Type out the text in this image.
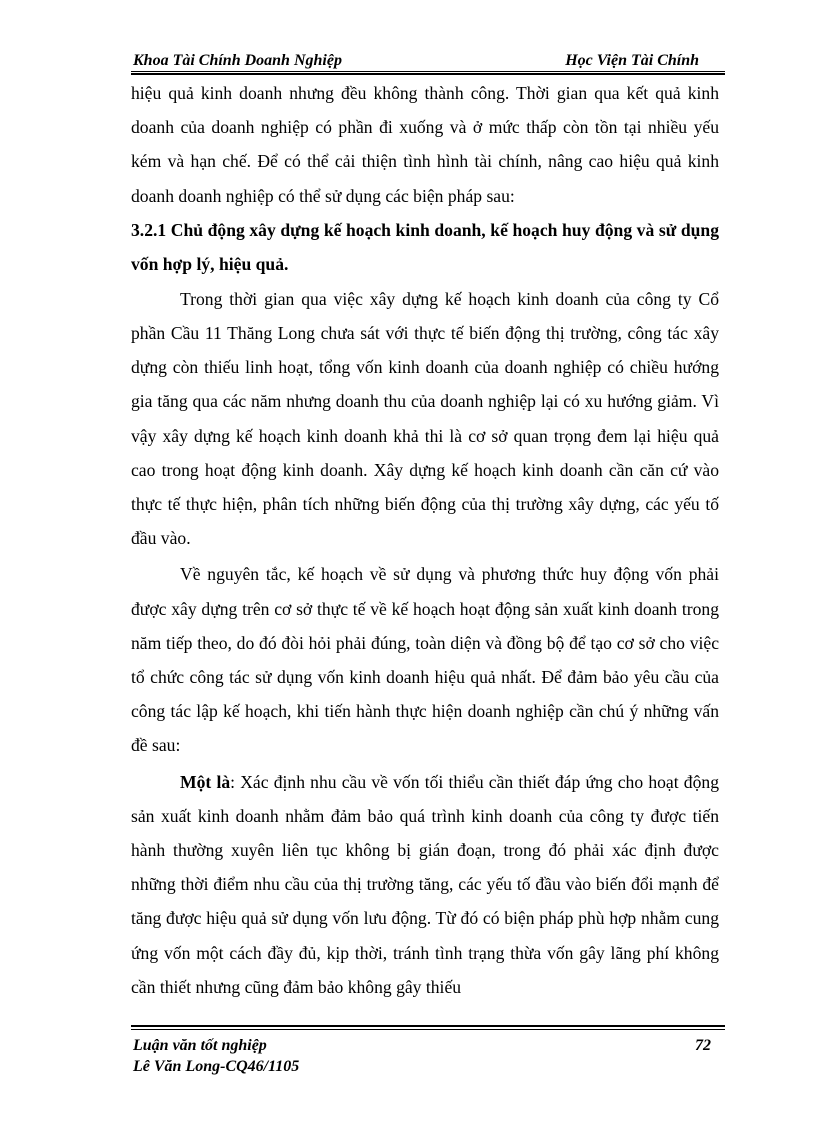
Khoa Tài Chính Doanh Nghiệp	Học Viện Tài Chính

hiệu quả kinh doanh nhưng đều không thành công. Thời gian qua kết quả kinh doanh của doanh nghiệp có phần đi xuống và ở mức thấp còn tồn tại nhiều yếu kém và hạn chế. Để có thể cải thiện tình hình tài chính, nâng cao hiệu quả kinh doanh doanh nghiệp có thể sử dụng các biện pháp sau:

3.2.1 Chủ động xây dựng kế hoạch kinh doanh, kế hoạch huy động và sử dụng vốn hợp lý, hiệu quả.

Trong thời gian qua việc xây dựng kế hoạch kinh doanh của công ty Cổ phần Cầu 11 Thăng Long chưa sát với thực tế biến động thị trường, công tác xây dựng còn thiếu linh hoạt, tổng vốn kinh doanh của doanh nghiệp có chiều hướng gia tăng qua các năm nhưng doanh thu của doanh nghiệp lại có xu hướng giảm. Vì vậy xây dựng kế hoạch kinh doanh khả thi là cơ sở quan trọng đem lại hiệu quả cao trong hoạt động kinh doanh. Xây dựng kế hoạch kinh doanh cần căn cứ vào thực tế thực hiện, phân tích những biến động của thị trường xây dựng, các yếu tố đầu vào.

Về nguyên tắc, kế hoạch về sử dụng và phương thức huy động vốn phải được xây dựng trên cơ sở thực tế về kế hoạch hoạt động sản xuất kinh doanh trong năm tiếp theo, do đó đòi hỏi phải đúng, toàn diện và đồng bộ để tạo cơ sở cho việc tổ chức công tác sử dụng vốn kinh doanh hiệu quả nhất. Để đảm bảo yêu cầu của công tác lập kế hoạch, khi tiến hành thực hiện doanh nghiệp cần chú ý những vấn đề sau:

Một là: Xác định nhu cầu về vốn tối thiểu cần thiết đáp ứng cho hoạt động sản xuất kinh doanh nhằm đảm bảo quá trình kinh doanh của công ty được tiến hành thường xuyên liên tục không bị gián đoạn, trong đó phải xác định được những thời điểm nhu cầu của thị trường tăng, các yếu tố đầu vào biến đổi mạnh để tăng được hiệu quả sử dụng vốn lưu động. Từ đó có biện pháp phù hợp nhằm cung ứng vốn một cách đầy đủ, kịp thời, tránh tình trạng thừa vốn gây lãng phí không cần thiết nhưng cũng đảm bảo không gây thiếu

Luận văn tốt nghiệp	72
Lê Văn Long-CQ46/1105
